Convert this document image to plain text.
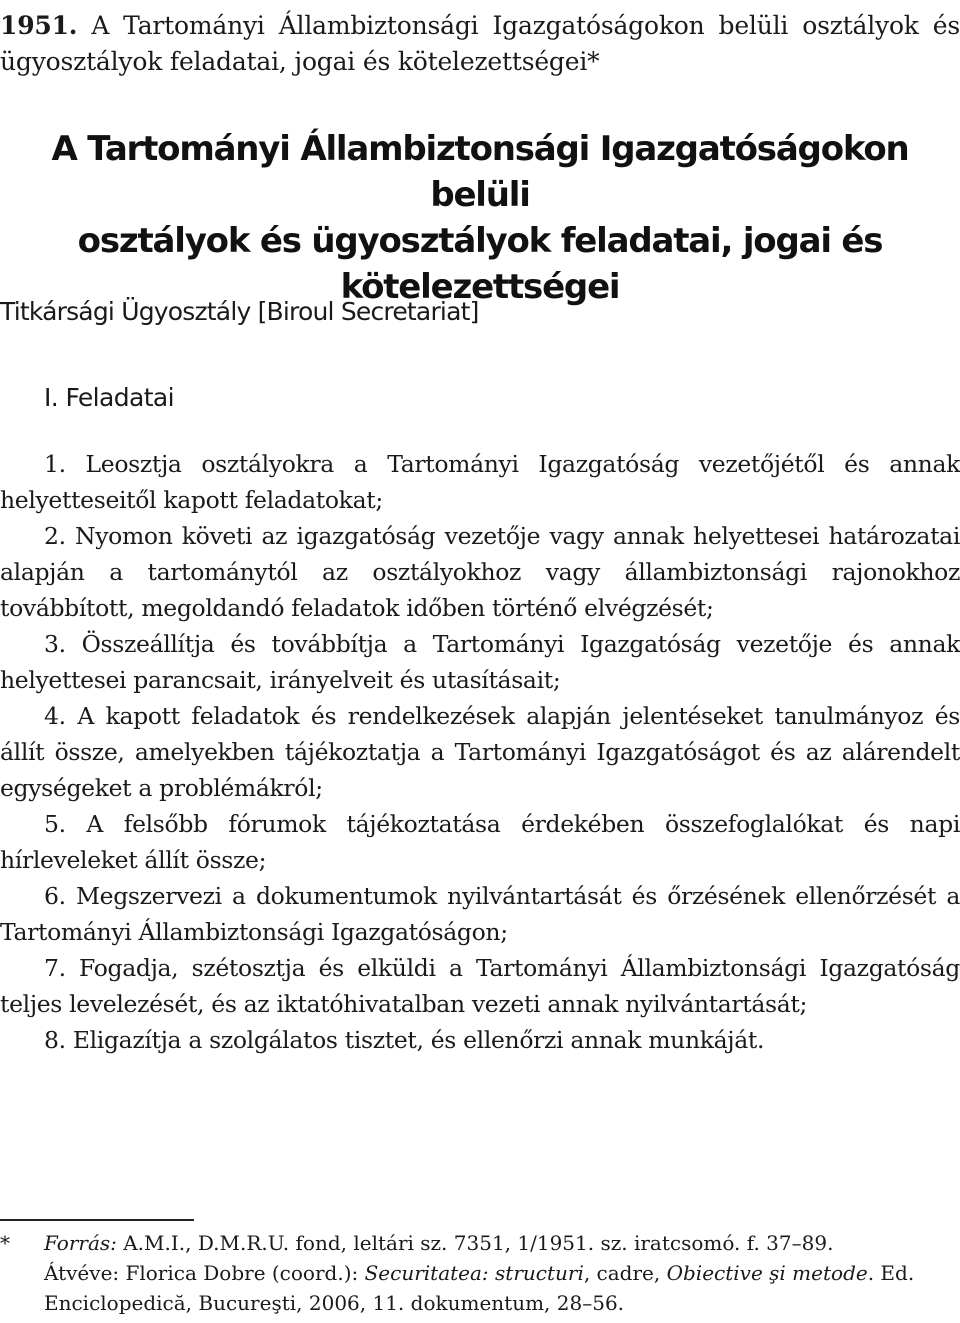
1951. A Tartományi Állambiztonsági Igazgatóságokon belüli osztályok és ügyosztályok feladatai, jogai és kötelezettségei*
A Tartományi Állambiztonsági Igazgatóságokon belüli
osztályok és ügyosztályok feladatai, jogai és kötelezettségei
Titkársági Ügyosztály [Biroul Secretariat]
I. Feladatai

1. Leosztja osztályokra a Tartományi Igazgatóság vezetőjétől és annak helyetteseitől kapott feladatokat;

2. Nyomon követi az igazgatóság vezetője vagy annak helyettesei határozatai alapján a tartománytól az osztályokhoz vagy állambiztonsági rajonokhoz továbbított, megoldandó feladatok időben történő elvégzését;

3. Összeállítja és továbbítja a Tartományi Igazgatóság vezetője és annak helyettesei parancsait, irányelveit és utasításait;

4. A kapott feladatok és rendelkezések alapján jelentéseket tanulmányoz és állít össze, amelyekben tájékoztatja a Tartományi Igazgatóságot és az alárendelt egységeket a problémákról;

5. A felsőbb fórumok tájékoztatása érdekében összefoglalókat és napi hírleveleket állít össze;

6. Megszervezi a dokumentumok nyilvántartását és őrzésének ellenőrzését a Tartományi Állambiztonsági Igazgatóságon;

7. Fogadja, szétosztja és elküldi a Tartományi Állambiztonsági Igazgatóság teljes levelezését, és az iktatóhivatalban vezeti annak nyilvántartását;

8. Eligazítja a szolgálatos tisztet, és ellenőrzi annak munkáját.

* Forrás: A.M.I., D.M.R.U. fond, leltári sz. 7351, 1/1951. sz. iratcsomó. f. 37–89.
Átvéve: Florica Dobre (coord.): Securitatea: structuri, cadre, Obiective şi metode. Ed.
Enciclopedică, Bucureşti, 2006, 11. dokumentum, 28–56.
